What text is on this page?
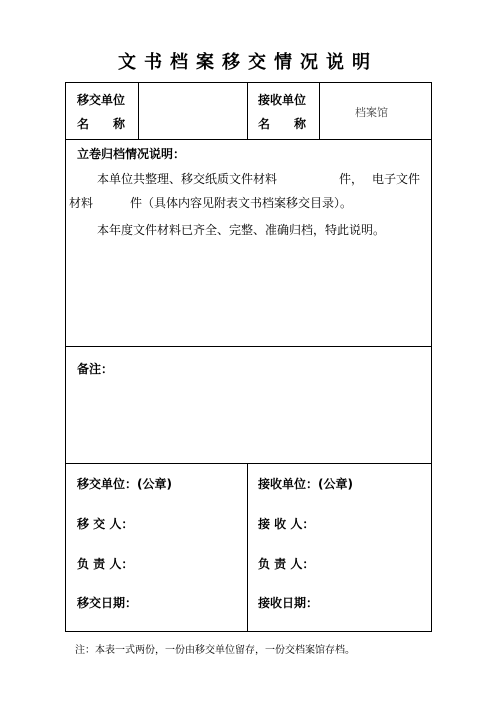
文书档案移交情况说明
移交单位
名　　称
接收单位
名　　称
档案馆
立卷归档情况说明：
本单位共整理、移交纸质文件材料	件， 电子文件
材料	件（具体内容见附表文书档案移交目录）。
本年度文件材料已齐全、完整、准确归档，特此说明。
备注：
移交单位：(公章)
移 交 人：
负 责 人：
移交日期：
接收单位：(公章)
接 收 人：
负 责 人：
接收日期：
注：本表一式两份，一份由移交单位留存，一份交档案馆存档。
